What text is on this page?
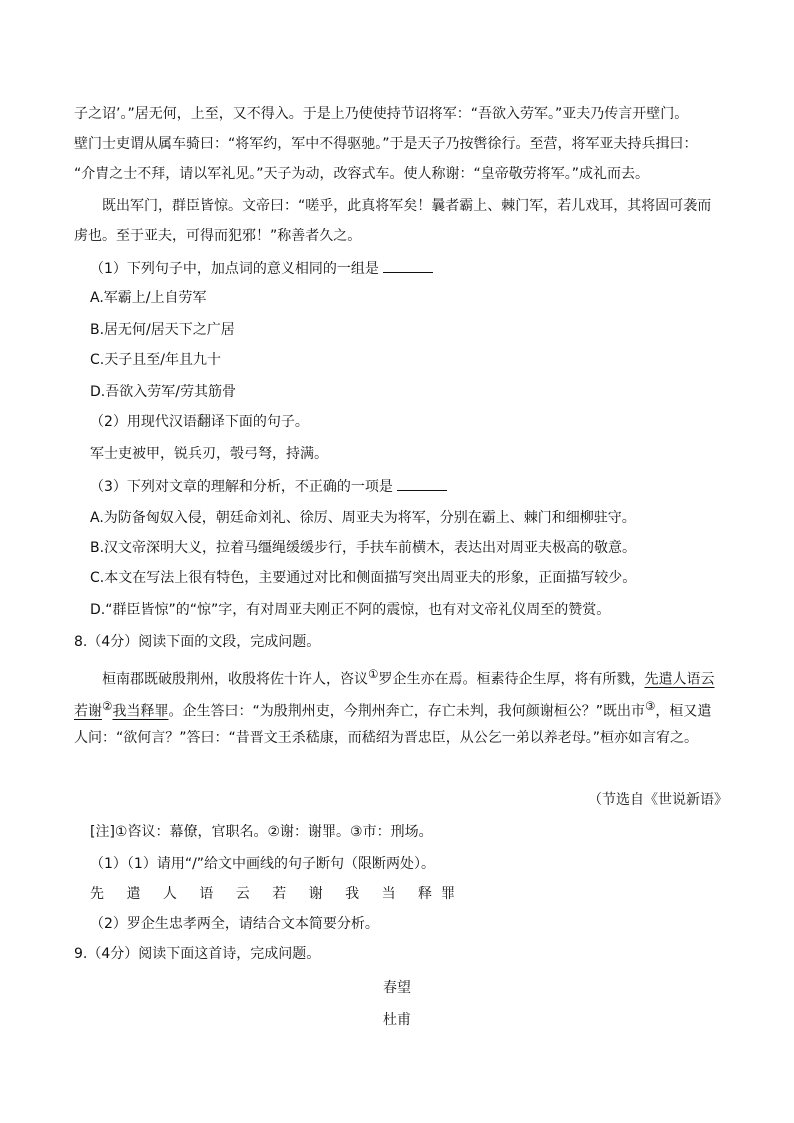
子之诏’。”居无何，上至，又不得入。于是上乃使使持节诏将军：“吾欲入劳军。”亚夫乃传言开壁门。
壁门士吏谓从属车骑曰：“将军约，军中不得驱驰。”于是天子乃按辔徐行。至营，将军亚夫持兵揖曰：
“介胄之士不拜，请以军礼见。”天子为动，改容式车。使人称谢：“皇帝敬劳将军。”成礼而去。
既出军门，群臣皆惊。文帝曰：“嗟乎，此真将军矣！曩者霸上、棘门军，若儿戏耳，其将固可袭而
虏也。至于亚夫，可得而犯邪！”称善者久之。
（1）下列句子中，加点词的意义相同的一组是
A.军霸上/上自劳军
B.居无何/居天下之广居
C.天子且至/年且九十
D.吾欲入劳军/劳其筋骨
（2）用现代汉语翻译下面的句子。
军士吏被甲，锐兵刃，彀弓弩，持满。
（3）下列对文章的理解和分析，不正确的一项是
A.为防备匈奴入侵，朝廷命刘礼、徐厉、周亚夫为将军，分别在霸上、棘门和细柳驻守。
B.汉文帝深明大义，拉着马缰绳缓缓步行，手扶车前横木，表达出对周亚夫极高的敬意。
C.本文在写法上很有特色，主要通过对比和侧面描写突出周亚夫的形象，正面描写较少。
D.“群臣皆惊”的“惊”字，有对周亚夫刚正不阿的震惊，也有对文帝礼仪周至的赞赏。
8.（4分）阅读下面的文段，完成问题。
桓南郡既破殷荆州，收殷将佐十许人，咨议①罗企生亦在焉。桓素待企生厚，将有所戮，先遣人语云
若谢②我当释罪。企生答曰：“为殷荆州吏，今荆州奔亡，存亡未判，我何颜谢桓公？”既出市③，桓又遣
人问：“欲何言？”答曰：“昔晋文王杀嵇康，而嵇绍为晋忠臣，从公乞一弟以养老母。”桓亦如言宥之。
（节选自《世说新语》
[注]①咨议：幕僚，官职名。②谢：谢罪。③市：刑场。
（1）（1）请用“/”给文中画线的句子断句（限断两处）。
先 遣 人 语 云 若 谢 我 当 释罪
（2）罗企生忠孝两全，请结合文本简要分析。
9.（4分）阅读下面这首诗，完成问题。
春望
杜甫
